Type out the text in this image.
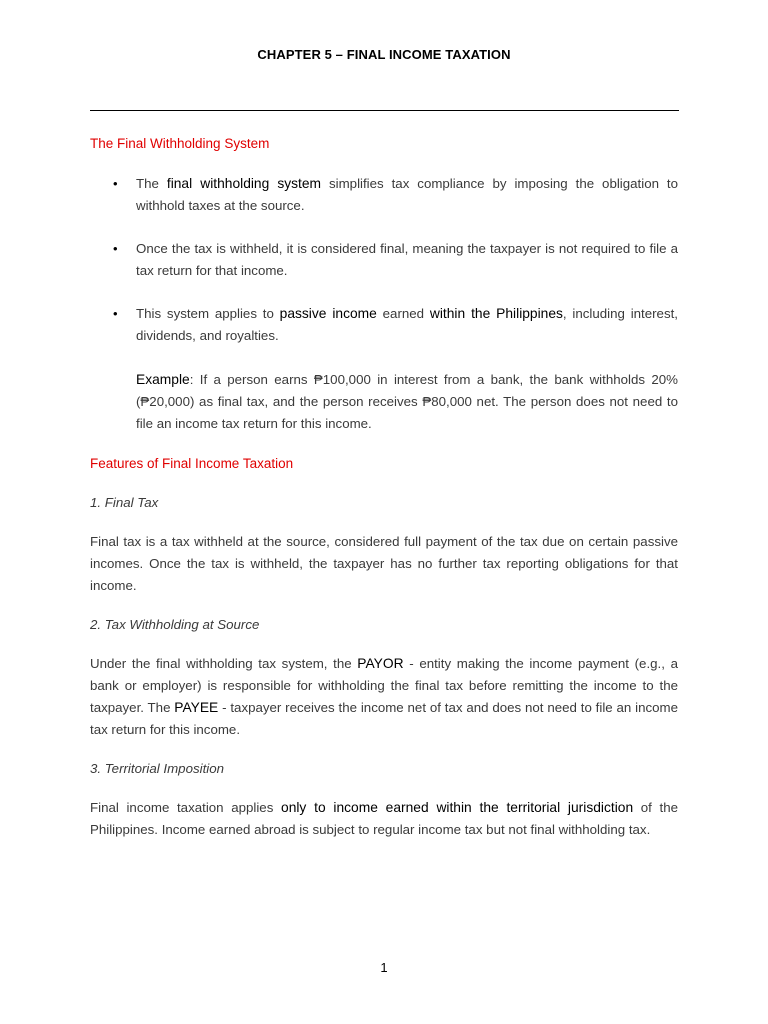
CHAPTER 5 – FINAL INCOME TAXATION
The Final Withholding System
• The final withholding system simplifies tax compliance by imposing the obligation to withhold taxes at the source.
• Once the tax is withheld, it is considered final, meaning the taxpayer is not required to file a tax return for that income.
• This system applies to passive income earned within the Philippines, including interest, dividends, and royalties.

Example: If a person earns ₱100,000 in interest from a bank, the bank withholds 20% (₱20,000) as final tax, and the person receives ₱80,000 net. The person does not need to file an income tax return for this income.

Features of Final Income Taxation

1. Final Tax

Final tax is a tax withheld at the source, considered full payment of the tax due on certain passive incomes. Once the tax is withheld, the taxpayer has no further tax reporting obligations for that income.

2. Tax Withholding at Source

Under the final withholding tax system, the PAYOR - entity making the income payment (e.g., a bank or employer) is responsible for withholding the final tax before remitting the income to the taxpayer. The PAYEE - taxpayer receives the income net of tax and does not need to file an income tax return for this income.

3. Territorial Imposition

Final income taxation applies only to income earned within the territorial jurisdiction of the Philippines. Income earned abroad is subject to regular income tax but not final withholding tax.

1
